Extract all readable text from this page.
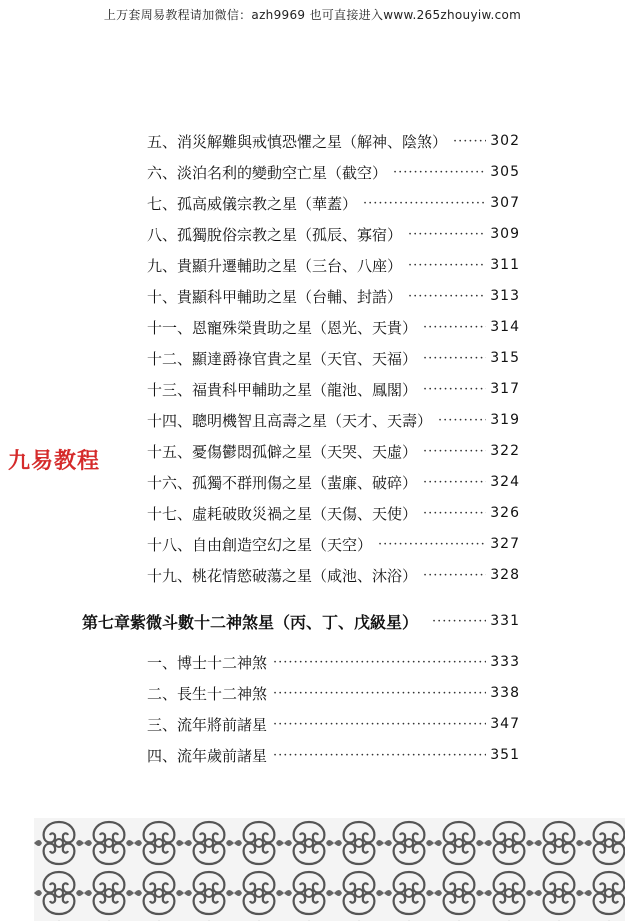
上万套周易教程请加微信：azh9969 也可直接进入www.265zhouyiw.com
九易教程
五、消災解難與戒慎恐懼之星（解神、陰煞） ·····	302
六、淡泊名利的變動空亡星（截空） ·····	305
七、孤高威儀宗教之星（華蓋） ·····	307
八、孤獨脫俗宗教之星（孤辰、寡宿） ·····	309
九、貴顯升遷輔助之星（三台、八座） ·····	311
十、貴顯科甲輔助之星（台輔、封誥） ·····	313
十一、恩寵殊榮貴助之星（恩光、天貴） ·····	314
十二、顯達爵祿官貴之星（天官、天福） ·····	315
十三、福貴科甲輔助之星（龍池、鳳閣） ·····	317
十四、聰明機智且高壽之星（天才、天壽） ·····	319
十五、憂傷鬱悶孤僻之星（天哭、天虛） ·····	322
十六、孤獨不群刑傷之星（蜚廉、破碎） ·····	324
十七、虛耗破敗災禍之星（天傷、天使） ·····	326
十八、自由創造空幻之星（天空） ·····	327
十九、桃花情慾破蕩之星（咸池、沐浴） ·····	328
第七章 紫微斗數十二神煞星（丙、丁、戊級星） ·····	331
一、博士十二神煞 ·····	333
二、長生十二神煞 ·····	338
三、流年將前諸星 ·····	347
四、流年歲前諸星 ·····	351
